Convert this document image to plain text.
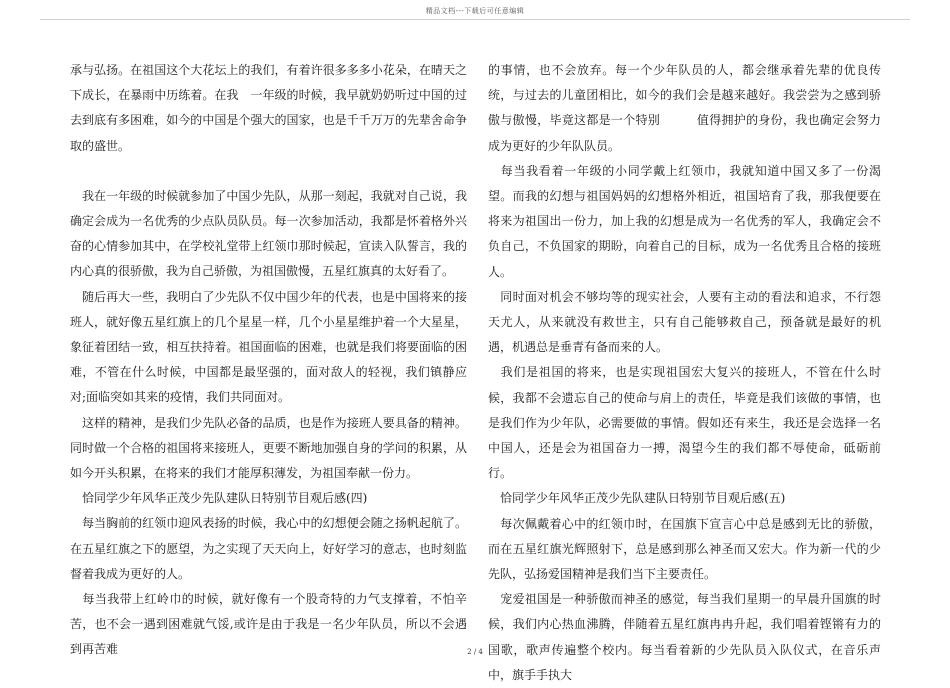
精品文档---下载后可任意编辑

承与弘扬。在祖国这个大花坛上的我们，有着许很多多多小花朵，在晴天之下成长，在暴雨中历练着。在我　一年级的时候，我早就奶奶听过中国的过去到底有多困难，如今的中国是个强大的国家，也是千千万万的先辈舍命争取的盛世。

　我在一年级的时候就参加了中国少先队，从那一刻起，我就对自己说，我确定会成为一名优秀的少点队员队员。每一次参加活动，我都是怀着格外兴奋的心情参加其中，在学校礼堂带上红领巾那时候起，宣读入队誓言，我的内心真的很骄傲，我为自己骄傲，为祖国傲慢，五星红旗真的太好看了。

　随后再大一些，我明白了少先队不仅中国少年的代表，也是中国将来的接班人，就好像五星红旗上的几个星星一样，几个小星星维护着一个大星星，象征着团结一致，相互扶持着。祖国面临的困难，也就是我们将要面临的困难，不管在什么时候，中国都是最坚强的，面对敌人的轻视，我们镇静应对;面临突如其来的疫情，我们共同面对。

　这样的精神，是我们少先队必备的品质，也是作为接班人要具备的精神。同时做一个合格的祖国将来接班人，更要不断地加强自身的学问的积累，从如今开头积累，在将来的我们才能厚积薄发，为祖国奉献一份力。

　恰同学少年风华正茂少先队建队日特别节目观后感(四)

　每当胸前的红领巾迎风表扬的时候，我心中的幻想便会随之扬帆起航了。在五星红旗之下的愿望，为之实现了天天向上，好好学习的意志，也时刻监督着我成为更好的人。

　每当我带上红岭巾的时候，就好像有一个股奇特的力气支撑着，不怕辛苦，也不会一遇到困难就气馁,或许是由于我是一名少年队员，所以不会遇到再苦难

的事情，也不会放弃。每一个少年队员的人，都会继承着先辈的优良传统，与过去的儿童团相比，如今的我们会是越来越好。我尝尝为之感到骄傲与傲慢，毕竟这都是一个特别　　　值得拥护的身份，我也确定会努力成为更好的少年队队员。

　每当我看着一年级的小同学戴上红领巾，我就知道中国又多了一份渴望。而我的幻想与祖国妈妈的幻想格外相近，祖国培育了我，那我便要在将来为祖国出一份力，加上我的幻想是成为一名优秀的军人，我确定会不负自己，不负国家的期盼，向着自己的目标，成为一名优秀且合格的接班人。

　同时面对机会不够均等的现实社会，人要有主动的看法和追求，不行怨天尤人，从来就没有救世主，只有自己能够救自己，预备就是最好的机遇，机遇总是垂青有备而来的人。

　我们是祖国的将来，也是实现祖国宏大复兴的接班人，不管在什么时候，我都不会遗忘自己的使命与肩上的责任，毕竟是我们该做的事情，也是我们作为少年队，必需要做的事情。假如还有来生，我还是会选择一名中国人，还是会为祖国奋力一搏，渴望今生的我们都不辱使命，砥砺前行。

　恰同学少年风华正茂少先队建队日特别节目观后感(五)

　每次佩戴着心中的红领巾时，在国旗下宣言心中总是感到无比的骄傲，而在五星红旗光辉照射下，总是感到那么神圣而又宏大。作为新一代的少先队，弘扬爱国精神是我们当下主要责任。

　宠爱祖国是一种骄傲而神圣的感觉，每当我们星期一的早晨升国旗的时候，我们内心热血沸腾，伴随着五星红旗冉冉升起，我们唱着铿锵有力的国歌，歌声传遍整个校内。每当看着新的少先队员入队仪式，在音乐声中，旗手手执大

2 / 4
